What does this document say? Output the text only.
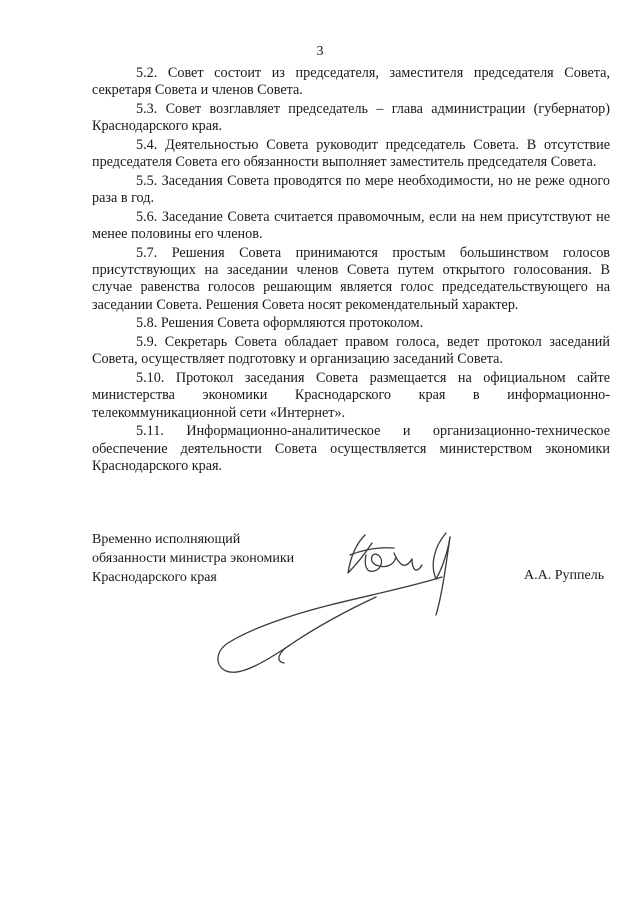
3

5.2. Совет состоит из председателя, заместителя председателя Совета, секретаря Совета и членов Совета.

5.3. Совет возглавляет председатель – глава администрации (губернатор) Краснодарского края.

5.4. Деятельностью Совета руководит председатель Совета. В отсутствие председателя Совета его обязанности выполняет заместитель председателя Совета.

5.5. Заседания Совета проводятся по мере необходимости, но не реже одного раза в год.

5.6. Заседание Совета считается правомочным, если на нем присутствуют не менее половины его членов.

5.7. Решения Совета принимаются простым большинством голосов присутствующих на заседании членов Совета путем открытого голосования. В случае равенства голосов решающим является голос председательствующего на заседании Совета. Решения Совета носят рекомендательный характер.

5.8. Решения Совета оформляются протоколом.

5.9. Секретарь Совета обладает правом голоса, ведет протокол заседаний Совета, осуществляет подготовку и организацию заседаний Совета.

5.10. Протокол заседания Совета размещается на официальном сайте министерства экономики Краснодарского края в информационно-телекоммуникационной сети «Интернет».

5.11. Информационно-аналитическое и организационно-техническое обеспечение деятельности Совета осуществляется министерством экономики Краснодарского края.

Временно исполняющий
обязанности министра экономики
Краснодарского края	А.А. Руппель
